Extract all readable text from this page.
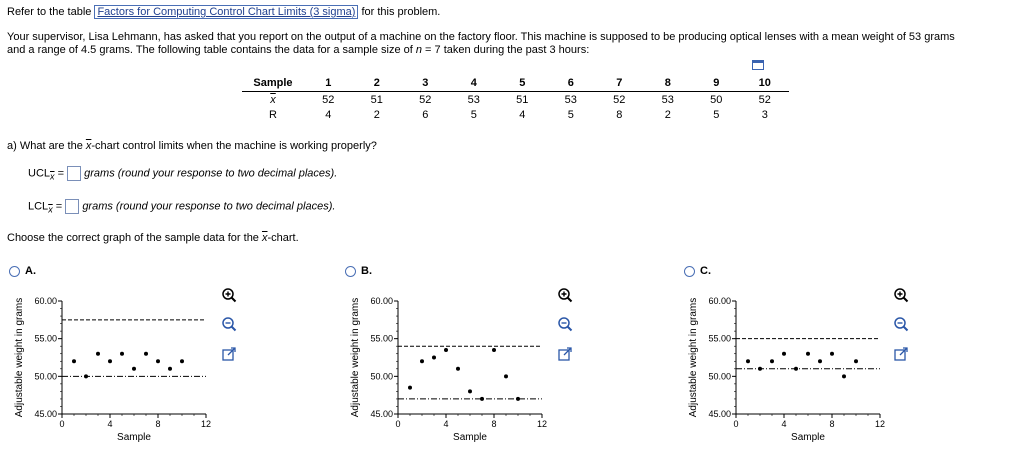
Refer to the table Factors for Computing Control Chart Limits (3 sigma) for this problem.
Your supervisor, Lisa Lehmann, has asked that you report on the output of a machine on the factory floor. This machine is supposed to be producing optical lenses with a mean weight of 53 grams
and a range of 4.5 grams. The following table contains the data for a sample size of n = 7 taken during the past 3 hours:
Sample	1	2	3	4	5	6	7	8	9	10
$\overline{x}$	52	51	52	53	51	53	52	53	50	52
R	4	2	6	5	4	5	8	2	5	3
a) What are the $\overline{x}$-chart control limits when the machine is working properly?
$UCL_{\overline{x}}$ = grams (round your response to two decimal places).
$LCL_{\overline{x}}$ = grams (round your response to two decimal places).
Choose the correct graph of the sample data for the $\overline{x}$-chart.
A.	B.	C.
45.00
50.00
55.00
60.00
0	4	8	12
Sample
Adjustable weight in grams	45.00
50.00
55.00
60.00
0	4	8	12
Sample
Adjustable weight in grams	45.00
50.00
55.00
60.00
0	4	8	12
Sample
Adjustable weight in grams
